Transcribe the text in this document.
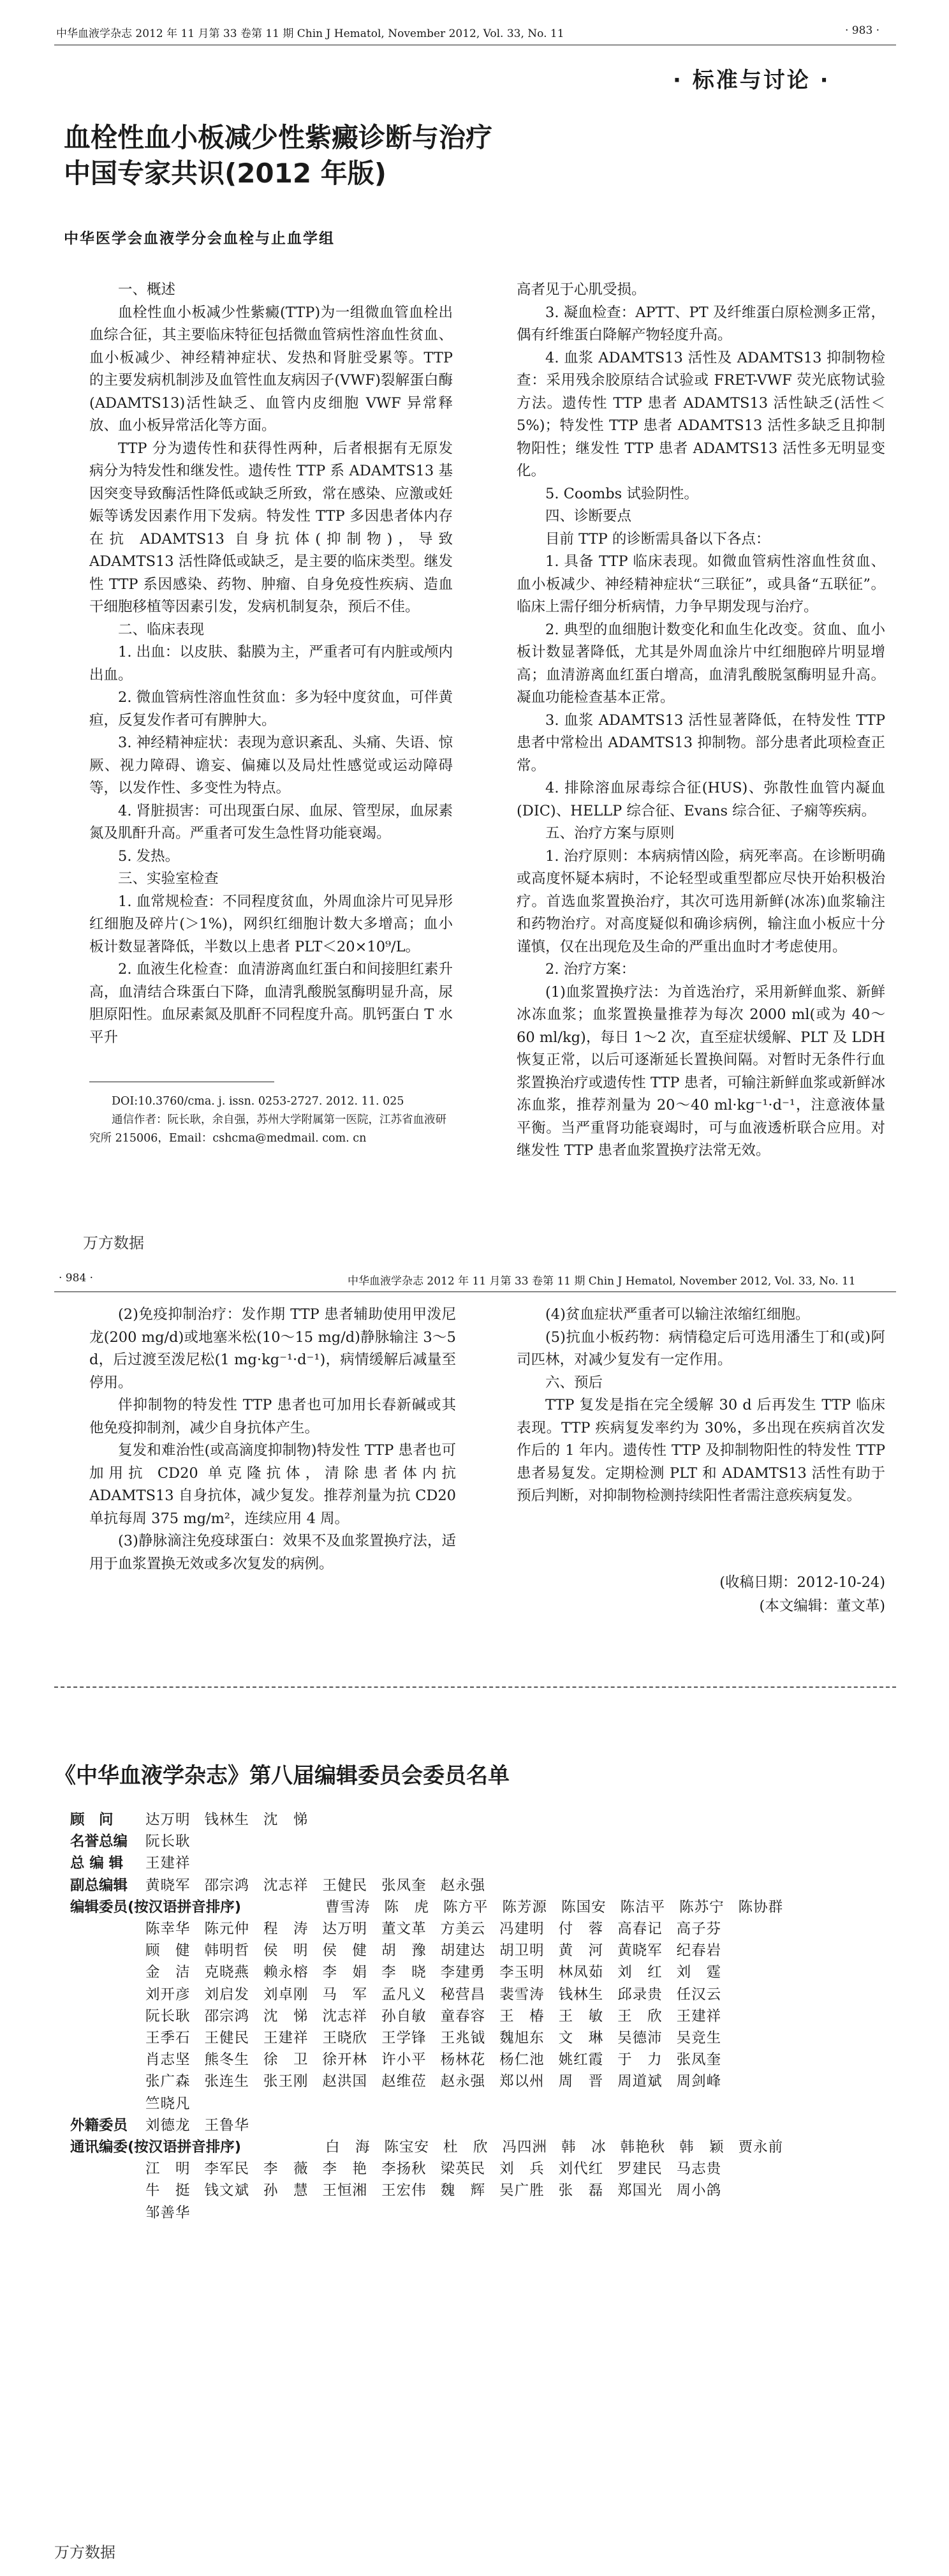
中华血液学杂志 2012 年 11 月第 33 卷第 11 期 Chin J Hematol, November 2012, Vol. 33, No. 11	· 983 ·
· 标准与讨论 ·
血栓性血小板减少性紫癜诊断与治疗
中国专家共识(2012 年版)
中华医学会血液学分会血栓与止血学组

一、概述

血栓性血小板减少性紫癜(TTP)为一组微血管血栓出血综合征，其主要临床特征包括微血管病性溶血性贫血、血小板减少、神经精神症状、发热和肾脏受累等。TTP 的主要发病机制涉及血管性血友病因子(VWF)裂解蛋白酶(ADAMTS13)活性缺乏、血管内皮细胞 VWF 异常释放、血小板异常活化等方面。

TTP 分为遗传性和获得性两种，后者根据有无原发病分为特发性和继发性。遗传性 TTP 系 ADAMTS13 基因突变导致酶活性降低或缺乏所致，常在感染、应激或妊娠等诱发因素作用下发病。特发性 TTP 多因患者体内存在抗 ADAMTS13 自身抗体(抑制物)，导致 ADAMTS13 活性降低或缺乏，是主要的临床类型。继发性 TTP 系因感染、药物、肿瘤、自身免疫性疾病、造血干细胞移植等因素引发，发病机制复杂，预后不佳。

二、临床表现

1. 出血：以皮肤、黏膜为主，严重者可有内脏或颅内出血。

2. 微血管病性溶血性贫血：多为轻中度贫血，可伴黄疸，反复发作者可有脾肿大。

3. 神经精神症状：表现为意识紊乱、头痛、失语、惊厥、视力障碍、谵妄、偏瘫以及局灶性感觉或运动障碍等，以发作性、多变性为特点。

4. 肾脏损害：可出现蛋白尿、血尿、管型尿，血尿素氮及肌酐升高。严重者可发生急性肾功能衰竭。

5. 发热。

三、实验室检查

1. 血常规检查：不同程度贫血，外周血涂片可见异形红细胞及碎片(＞1%)，网织红细胞计数大多增高；血小板计数显著降低，半数以上患者 PLT＜20×10⁹/L。

2. 血液生化检查：血清游离血红蛋白和间接胆红素升高，血清结合珠蛋白下降，血清乳酸脱氢酶明显升高，尿胆原阳性。血尿素氮及肌酐不同程度升高。肌钙蛋白 T 水平升

高者见于心肌受损。

3. 凝血检查：APTT、PT 及纤维蛋白原检测多正常，偶有纤维蛋白降解产物轻度升高。

4. 血浆 ADAMTS13 活性及 ADAMTS13 抑制物检查：采用残余胶原结合试验或 FRET-VWF 荧光底物试验方法。遗传性 TTP 患者 ADAMTS13 活性缺乏(活性＜5%)；特发性 TTP 患者 ADAMTS13 活性多缺乏且抑制物阳性；继发性 TTP 患者 ADAMTS13 活性多无明显变化。

5. Coombs 试验阴性。

四、诊断要点

目前 TTP 的诊断需具备以下各点：

1. 具备 TTP 临床表现。如微血管病性溶血性贫血、血小板减少、神经精神症状“三联征”，或具备“五联征”。临床上需仔细分析病情，力争早期发现与治疗。

2. 典型的血细胞计数变化和血生化改变。贫血、血小板计数显著降低，尤其是外周血涂片中红细胞碎片明显增高；血清游离血红蛋白增高，血清乳酸脱氢酶明显升高。凝血功能检查基本正常。

3. 血浆 ADAMTS13 活性显著降低，在特发性 TTP 患者中常检出 ADAMTS13 抑制物。部分患者此项检查正常。

4. 排除溶血尿毒综合征(HUS)、弥散性血管内凝血(DIC)、HELLP 综合征、Evans 综合征、子痫等疾病。

五、治疗方案与原则

1. 治疗原则：本病病情凶险，病死率高。在诊断明确或高度怀疑本病时，不论轻型或重型都应尽快开始积极治疗。首选血浆置换治疗，其次可选用新鲜(冰冻)血浆输注和药物治疗。对高度疑似和确诊病例，输注血小板应十分谨慎，仅在出现危及生命的严重出血时才考虑使用。

2. 治疗方案：

(1)血浆置换疗法：为首选治疗，采用新鲜血浆、新鲜冰冻血浆；血浆置换量推荐为每次 2000 ml(或为 40～60 ml/kg)，每日 1～2 次，直至症状缓解、PLT 及 LDH 恢复正常，以后可逐渐延长置换间隔。对暂时无条件行血浆置换治疗或遗传性 TTP 患者，可输注新鲜血浆或新鲜冰冻血浆，推荐剂量为 20～40 ml·kg⁻¹·d⁻¹，注意液体量平衡。当严重肾功能衰竭时，可与血液透析联合应用。对继发性 TTP 患者血浆置换疗法常无效。

DOI:10.3760/cma. j. issn. 0253-2727. 2012. 11. 025
通信作者：阮长耿，余自强，苏州大学附属第一医院，江苏省血液研究所 215006，Email：cshcma@medmail. com. cn
万方数据
· 984 ·	中华血液学杂志 2012 年 11 月第 33 卷第 11 期 Chin J Hematol, November 2012, Vol. 33, No. 11

(2)免疫抑制治疗：发作期 TTP 患者辅助使用甲泼尼龙(200 mg/d)或地塞米松(10～15 mg/d)静脉输注 3～5 d，后过渡至泼尼松(1 mg·kg⁻¹·d⁻¹)，病情缓解后减量至停用。

伴抑制物的特发性 TTP 患者也可加用长春新碱或其他免疫抑制剂，减少自身抗体产生。

复发和难治性(或高滴度抑制物)特发性 TTP 患者也可加用抗 CD20 单克隆抗体，清除患者体内抗 ADAMTS13 自身抗体，减少复发。推荐剂量为抗 CD20 单抗每周 375 mg/m²，连续应用 4 周。

(3)静脉滴注免疫球蛋白：效果不及血浆置换疗法，适用于血浆置换无效或多次复发的病例。

(4)贫血症状严重者可以输注浓缩红细胞。

(5)抗血小板药物：病情稳定后可选用潘生丁和(或)阿司匹林，对减少复发有一定作用。

六、预后

TTP 复发是指在完全缓解 30 d 后再发生 TTP 临床表现。TTP 疾病复发率约为 30%，多出现在疾病首次发作后的 1 年内。遗传性 TTP 及抑制物阳性的特发性 TTP 患者易复发。定期检测 PLT 和 ADAMTS13 活性有助于预后判断，对抑制物检测持续阳性者需注意疾病复发。

(收稿日期：2012-10-24)
(本文编辑：董文革)
《中华血液学杂志》第八届编辑委员会委员名单
顾　问	达万明 钱林生 沈　悌
名誉总编	阮长耿
总 编 辑	王建祥
副总编辑	黄晓军 邵宗鸿 沈志祥 王健民 张凤奎 赵永强
编辑委员(按汉语拼音排序)	曹雪涛 陈　虎 陈方平 陈芳源 陈国安 陈洁平 陈苏宁 陈协群
陈幸华 陈元仲 程　涛 达万明 董文革 方美云 冯建明 付　蓉 高春记 高子芬
顾　健 韩明哲 侯　明 侯　健 胡　豫 胡建达 胡卫明 黄　河 黄晓军 纪春岩
金　洁 克晓燕 赖永榕 李　娟 李　晓 李建勇 李玉明 林凤茹 刘　红 刘　霆
刘开彦 刘启发 刘卓刚 马　军 孟凡义 秘营昌 裴雪涛 钱林生 邱录贵 任汉云
阮长耿 邵宗鸿 沈　悌 沈志祥 孙自敏 童春容 王　椿 王　敏 王　欣 王建祥
王季石 王健民 王建祥 王晓欣 王学锋 王兆钺 魏旭东 文　琳 吴德沛 吴竞生
肖志坚 熊冬生 徐　卫 徐开林 许小平 杨林花 杨仁池 姚红霞 于　力 张凤奎
张广森 张连生 张王刚 赵洪国 赵维莅 赵永强 郑以州 周　晋 周道斌 周剑峰
竺晓凡
外籍委员	刘德龙 王鲁华
通讯编委(按汉语拼音排序)	白　海 陈宝安 杜　欣 冯四洲 韩　冰 韩艳秋 韩　颖 贾永前
江　明 李军民 李　薇 李　艳 李扬秋 梁英民 刘　兵 刘代红 罗建民 马志贵
牛　挺 钱文斌 孙　慧 王恒湘 王宏伟 魏　辉 吴广胜 张　磊 郑国光 周小鸽
邹善华
万方数据
